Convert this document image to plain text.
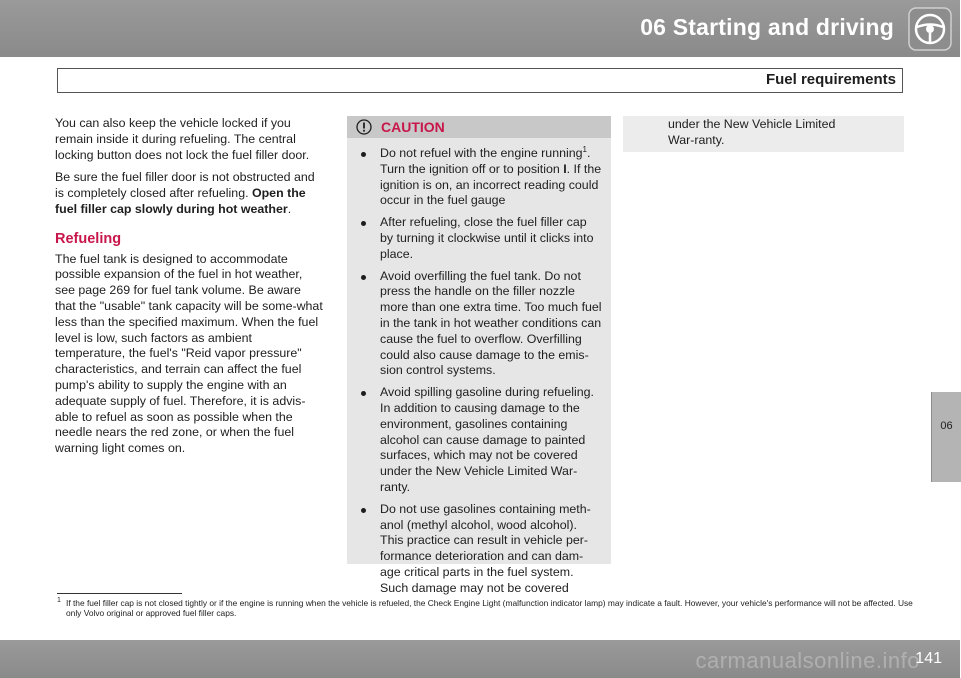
06 Starting and driving
Fuel requirements
06

You can also keep the vehicle locked if you remain inside it during refueling. The central locking button does not lock the fuel filler door.

Be sure the fuel filler door is not obstructed and is completely closed after refueling. Open the fuel filler cap slowly during hot weather.

Refueling

The fuel tank is designed to accommodate possible expansion of the fuel in hot weather, see page 269 for fuel tank volume. Be aware that the "usable" tank capacity will be some-what less than the specified maximum. When the fuel level is low, such factors as ambient temperature, the fuel's "Reid vapor pressure" characteristics, and terrain can affect the fuel pump's ability to supply the engine with an adequate supply of fuel. Therefore, it is advis-able to refuel as soon as possible when the needle nears the red zone, or when the fuel warning light comes on.

CAUTION
Do not refuel with the engine running$^1$. Turn the ignition off or to position I. If the ignition is on, an incorrect reading could occur in the fuel gauge
After refueling, close the fuel filler cap by turning it clockwise until it clicks into place.
Avoid overfilling the fuel tank. Do not press the handle on the filler nozzle more than one extra time. Too much fuel in the tank in hot weather conditions can cause the fuel to overflow. Overfilling could also cause damage to the emis-sion control systems.
Avoid spilling gasoline during refueling. In addition to causing damage to the environment, gasolines containing alcohol can cause damage to painted surfaces, which may not be covered under the New Vehicle Limited War-ranty.
Do not use gasolines containing meth-anol (methyl alcohol, wood alcohol). This practice can result in vehicle per-formance deterioration and can dam-age critical parts in the fuel system. Such damage may not be covered

under the New Vehicle Limited War-ranty.

1 If the fuel filler cap is not closed tightly or if the engine is running when the vehicle is refueled, the Check Engine Light (malfunction indicator lamp) may indicate a fault. However, your vehicle's performance will not be affected. Use only Volvo original or approved fuel filler caps.
carmanualsonline.info
141
